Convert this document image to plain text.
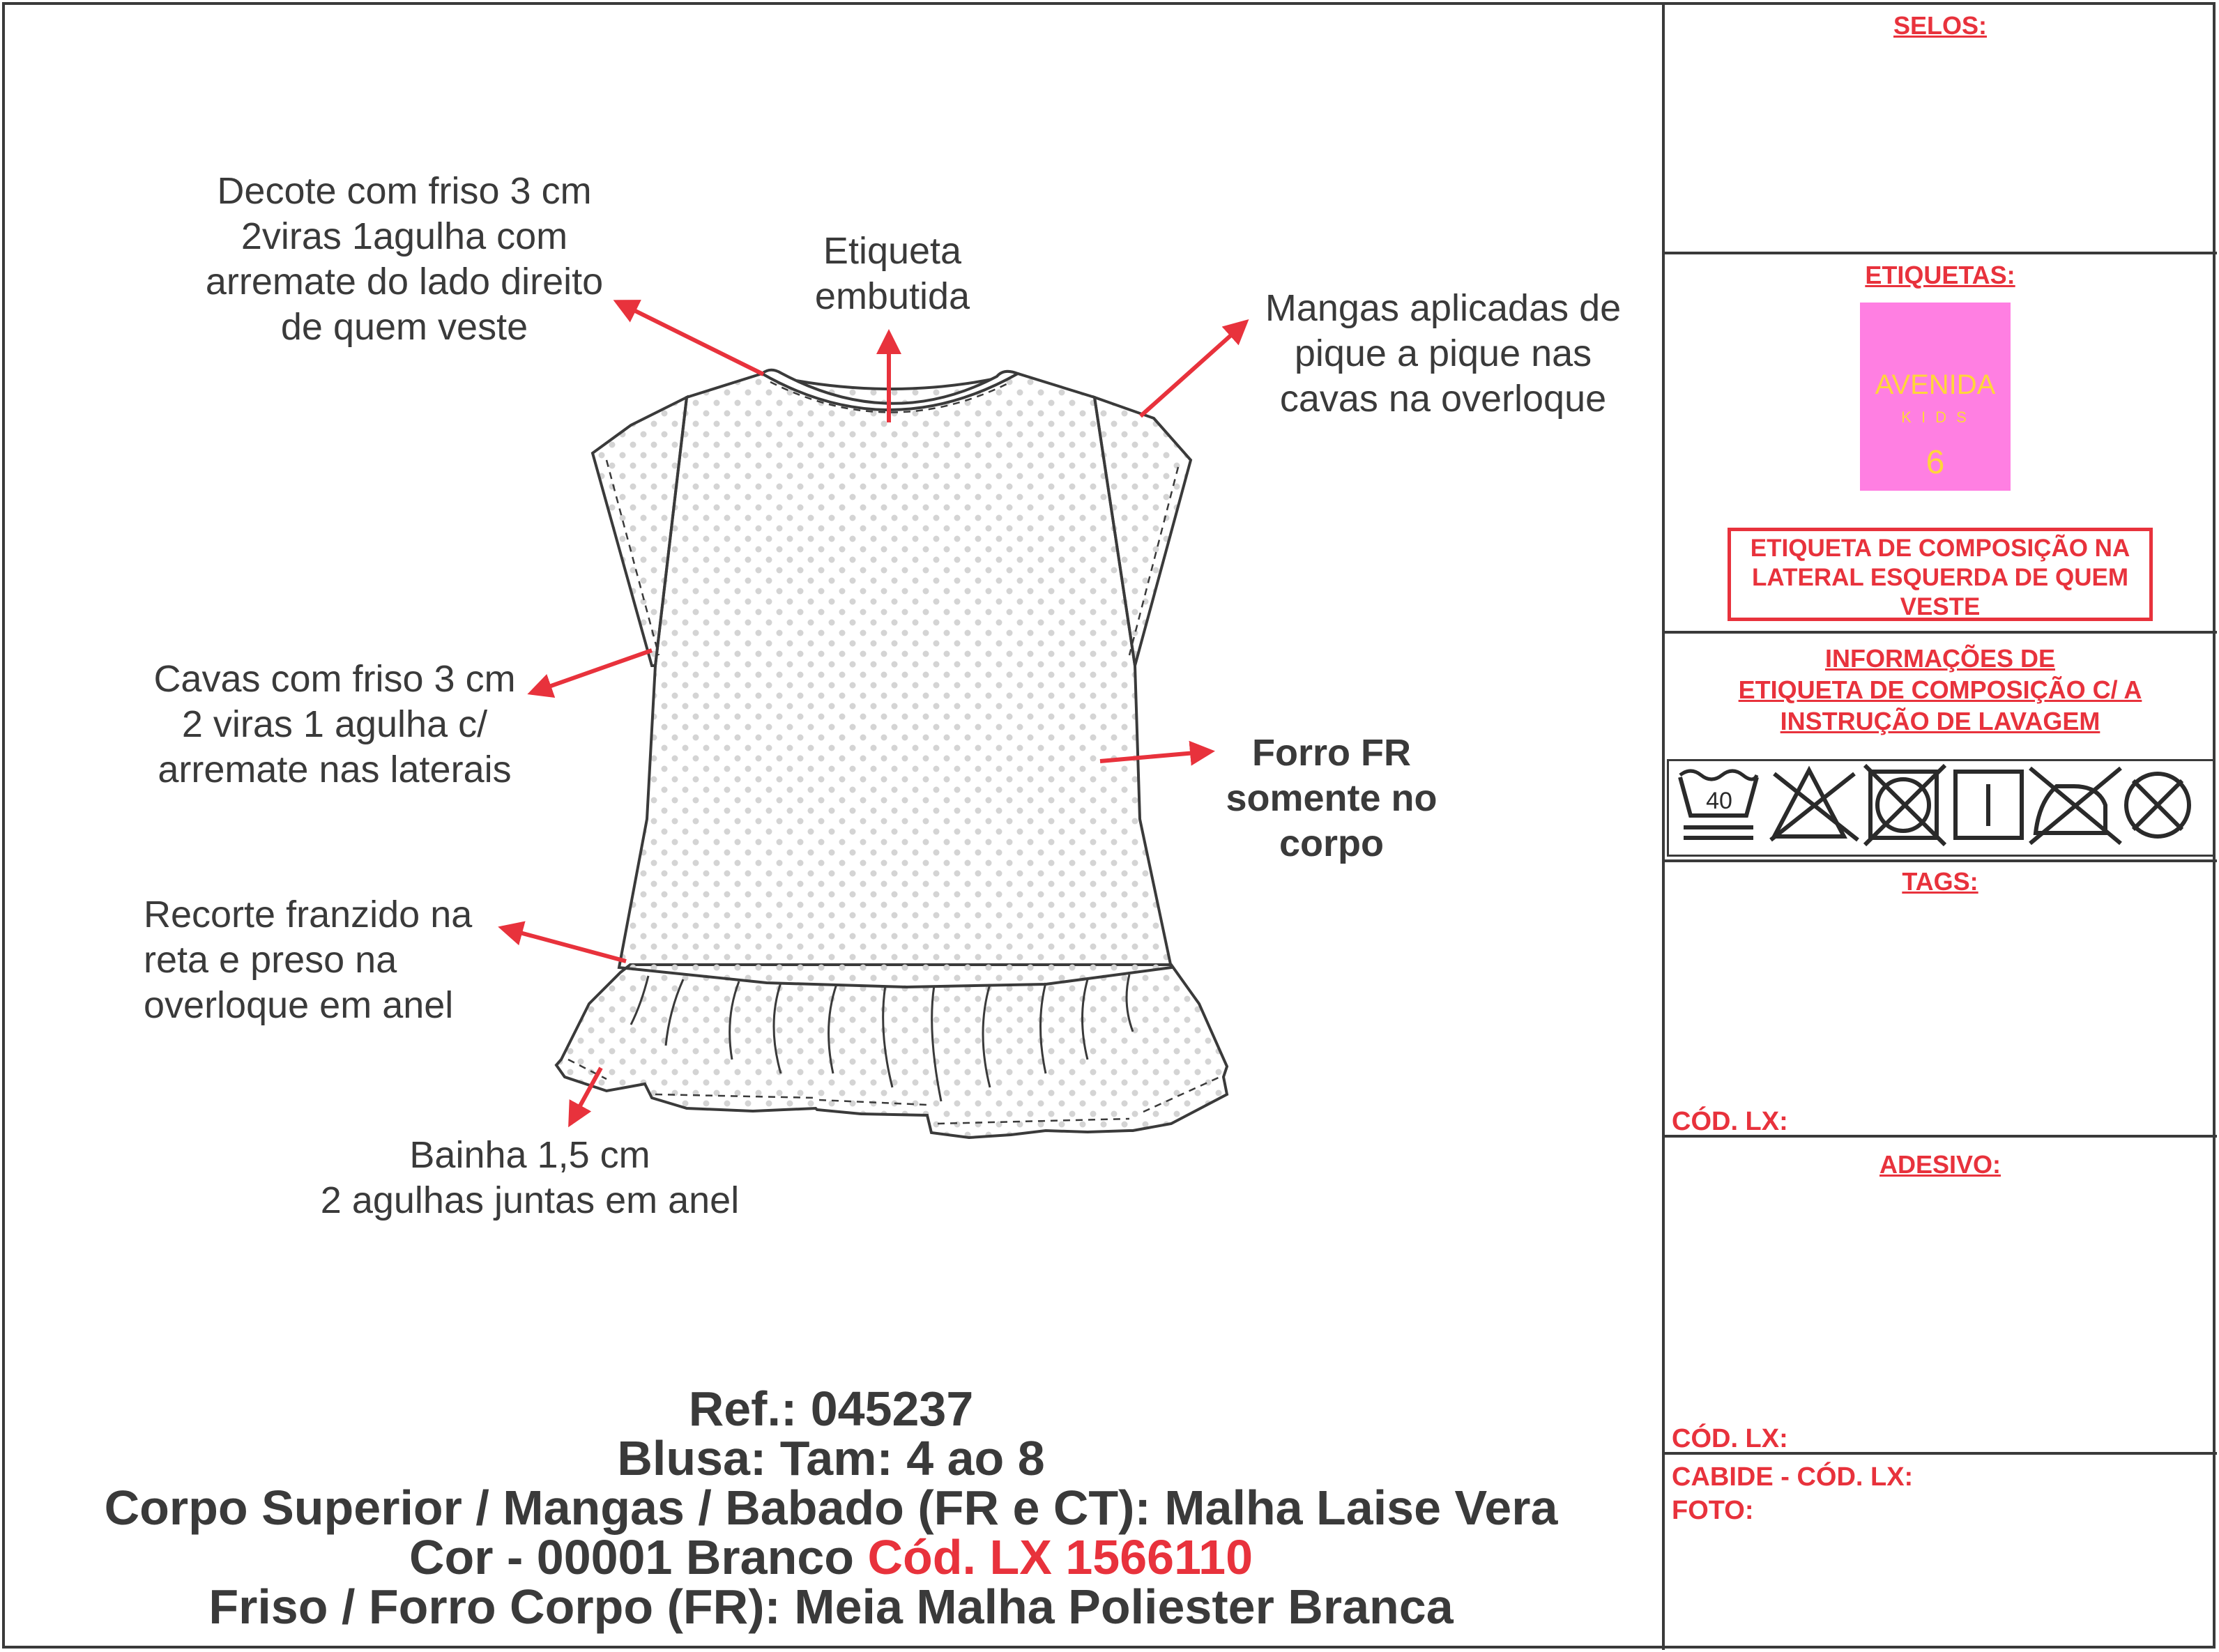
40
Decote com friso 3 cm
2viras 1agulha com
arremate do lado direito
de quem veste
Etiqueta
embutida	Mangas aplicadas de
pique a pique nas
cavas na overloque
Cavas com friso 3 cm
2 viras 1 agulha c/
arremate nas laterais	Forro FR
somente no
corpo
Recorte franzido na
reta e preso na
overloque em anel
Bainha 1,5 cm
2 agulhas juntas em anel
Ref.: 045237
Blusa: Tam: 4 ao 8
Corpo Superior / Mangas / Babado (FR e CT): Malha Laise Vera
Cor - 00001 Branco Cód. LX 1566110
Friso / Forro Corpo (FR): Meia Malha Poliester Branca
SELOS:
ETIQUETAS:
AVENIDA
K I D S
6
ETIQUETA DE COMPOSIÇÃO NA
LATERAL ESQUERDA DE QUEM
VESTE
INFORMAÇÕES DE
ETIQUETA DE COMPOSIÇÃO C/ A
INSTRUÇÃO DE LAVAGEM
TAGS:
CÓD. LX:
ADESIVO:
CÓD. LX:
CABIDE - CÓD. LX:
FOTO:
